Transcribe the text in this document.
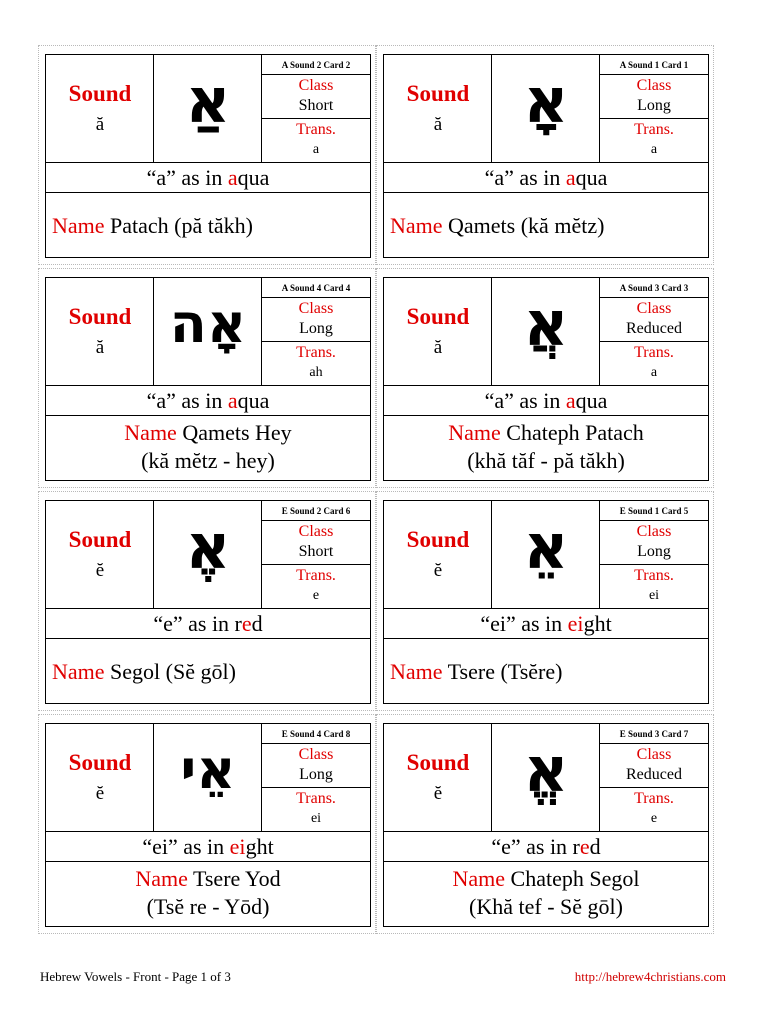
Sound
ă	אַ	A Sound 2 Card 2
Class
Short
Trans.
a
“a” as in aqua
Name Patach (pă tăkh)
Sound
ă	אָ	A Sound 1 Card 1
Class
Long
Trans.
a
“a” as in aqua
Name Qamets (kă mĕtz)
Sound
ă	אָה
A Sound 4 Card 4
Class
Long
Trans.
ah
“a” as in aqua
Name Qamets Hey
(kă mĕtz - hey)
Sound
ă	אֲ	A Sound 3 Card 3
Class
Reduced
Trans.
a
“a” as in aqua
Name Chateph Patach
(khă tăf - pă tăkh)
Sound
ĕ	אֶ	E Sound 2 Card 6
Class
Short
Trans.
e
“e” as in red
Name Segol (Sĕ gōl)
Sound
ĕ	אֵ	E Sound 1 Card 5
Class
Long
Trans.
ei
“ei” as in eight
Name Tsere (Tsĕre)
Sound
ĕ	אֵי
E Sound 4 Card 8
Class
Long
Trans.
ei
“ei” as in eight
Name Tsere Yod
(Tsĕ re - Yōd)
Sound
ĕ	אֱ	E Sound 3 Card 7
Class
Reduced
Trans.
e
“e” as in red
Name Chateph Segol
(Khă tef - Sĕ gōl)
Hebrew Vowels - Front - Page 1 of 3	http://hebrew4christians.com
